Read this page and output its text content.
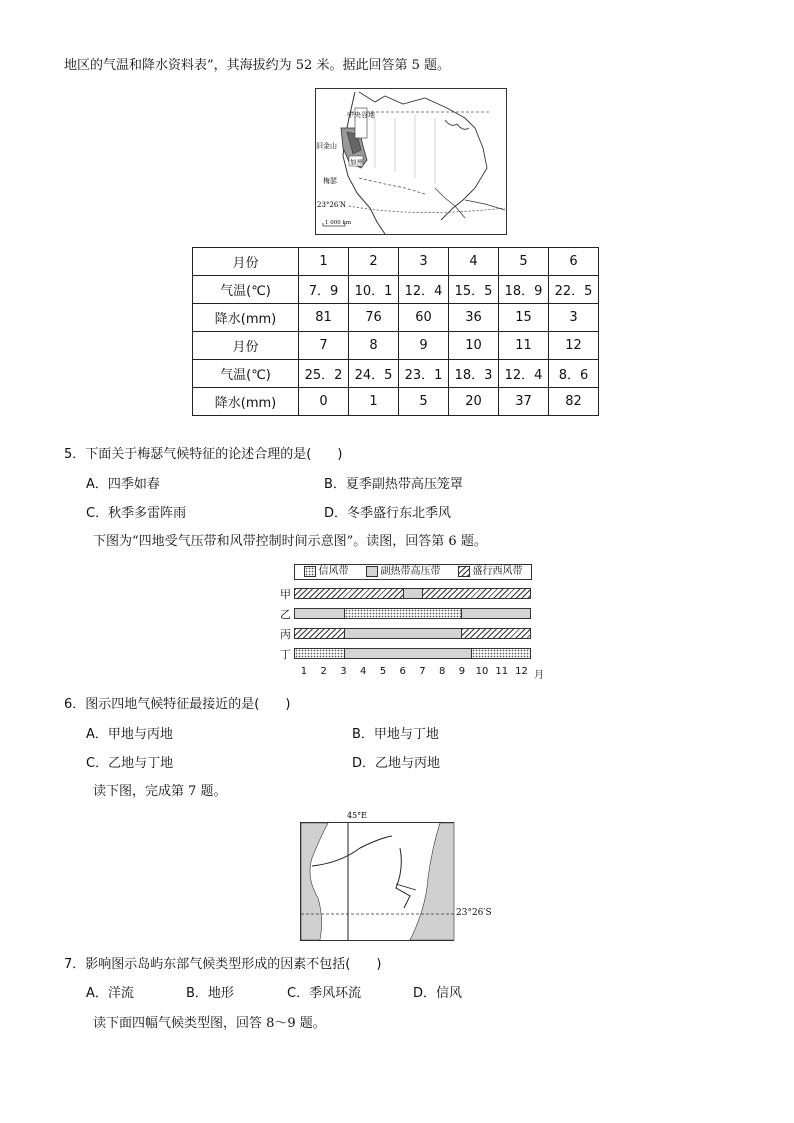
地区的气温和降水资料表”，其海拔约为 52 米。据此回答第 5 题。
中央谷地
旧金山
加州
梅瑟
23°26′N
1 000 km
月份	1	2	3	4	5	6
气温(℃)	7．9	10．1	12．4	15．5	18．9	22．5
降水(mm)	81	76	60	36	15	3
月份	7	8	9	10	11	12
气温(℃)	25．2	24．5	23．1	18．3	12．4	8．6
降水(mm)	0	1	5	20	37	82
5．下面关于梅瑟气候特征的论述合理的是(　　)
A．四季如春	B．夏季副热带高压笼罩
C．秋季多雷阵雨	D．冬季盛行东北季风
下图为“四地受气压带和风带控制时间示意图”。读图，回答第 6 题。
信风带	副热带高压带	盛行西风带
甲
乙
丙
丁
1 2 3 4 5 6 7 8 9 10 11 12 月
6．图示四地气候特征最接近的是(　　)
A．甲地与丙地	B．甲地与丁地
C．乙地与丁地	D．乙地与丙地
读下图，完成第 7 题。
45°E
23°26′S
7．影响图示岛屿东部气候类型形成的因素不包括(　　)
A．洋流	B．地形	C．季风环流	D．信风
读下面四幅气候类型图，回答 8～9 题。
